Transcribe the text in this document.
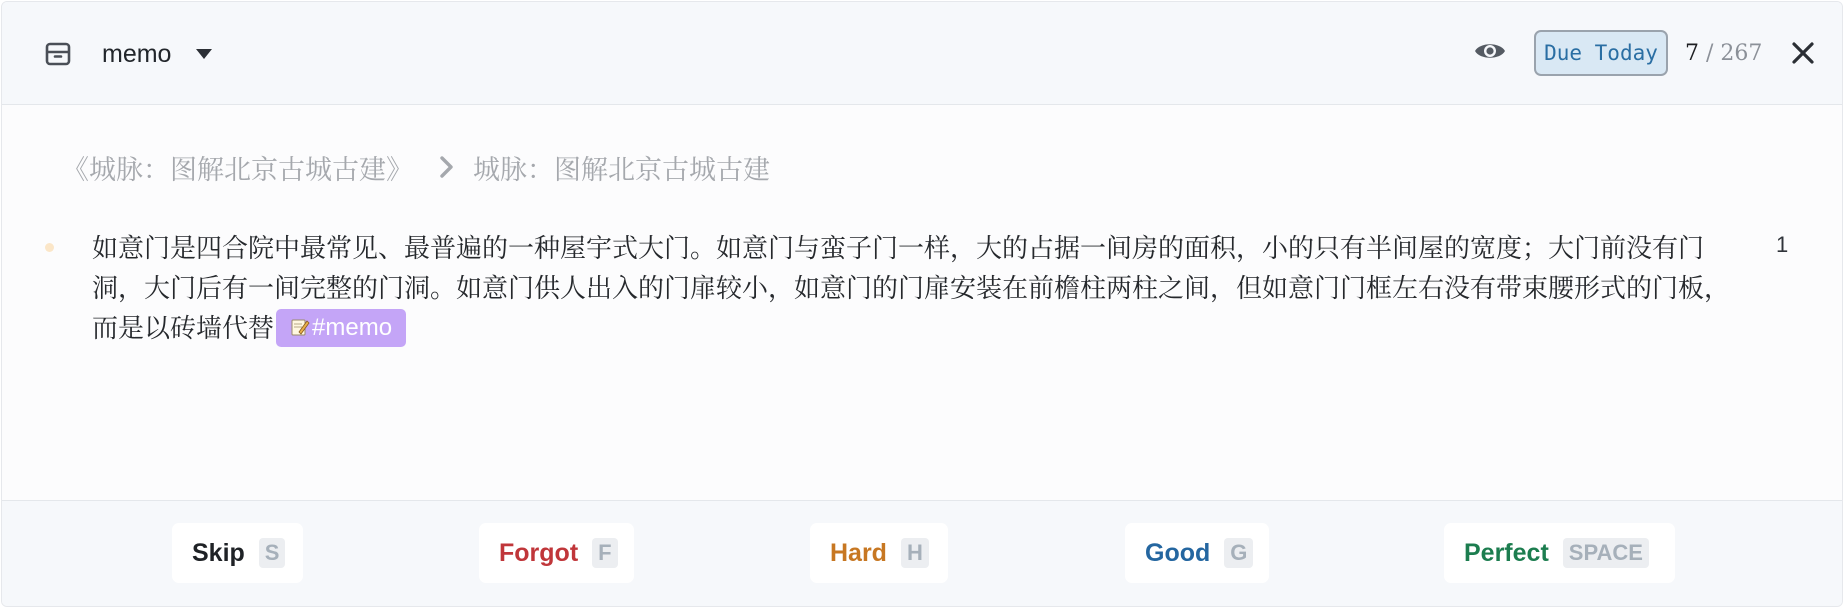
memo	Due Today	7 / 267
《城脉：图解北京古城古建》 城脉：图解北京古城古建

如意门是四合院中最常见、最普遍的一种屋宇式大门。如意门与蛮子门一样，大的占据一间房的面积，小的只有半间屋的宽度；大门前没有门洞，大门后有一间完整的门洞。如意门供人出入的门扉较小，如意门的门扉安装在前檐柱两柱之间，但如意门门框左右没有带束腰形式的门板，而是以砖墙代替 #memo

1
Skip S	Forgot F	Hard H	Good G	Perfect SPACE
